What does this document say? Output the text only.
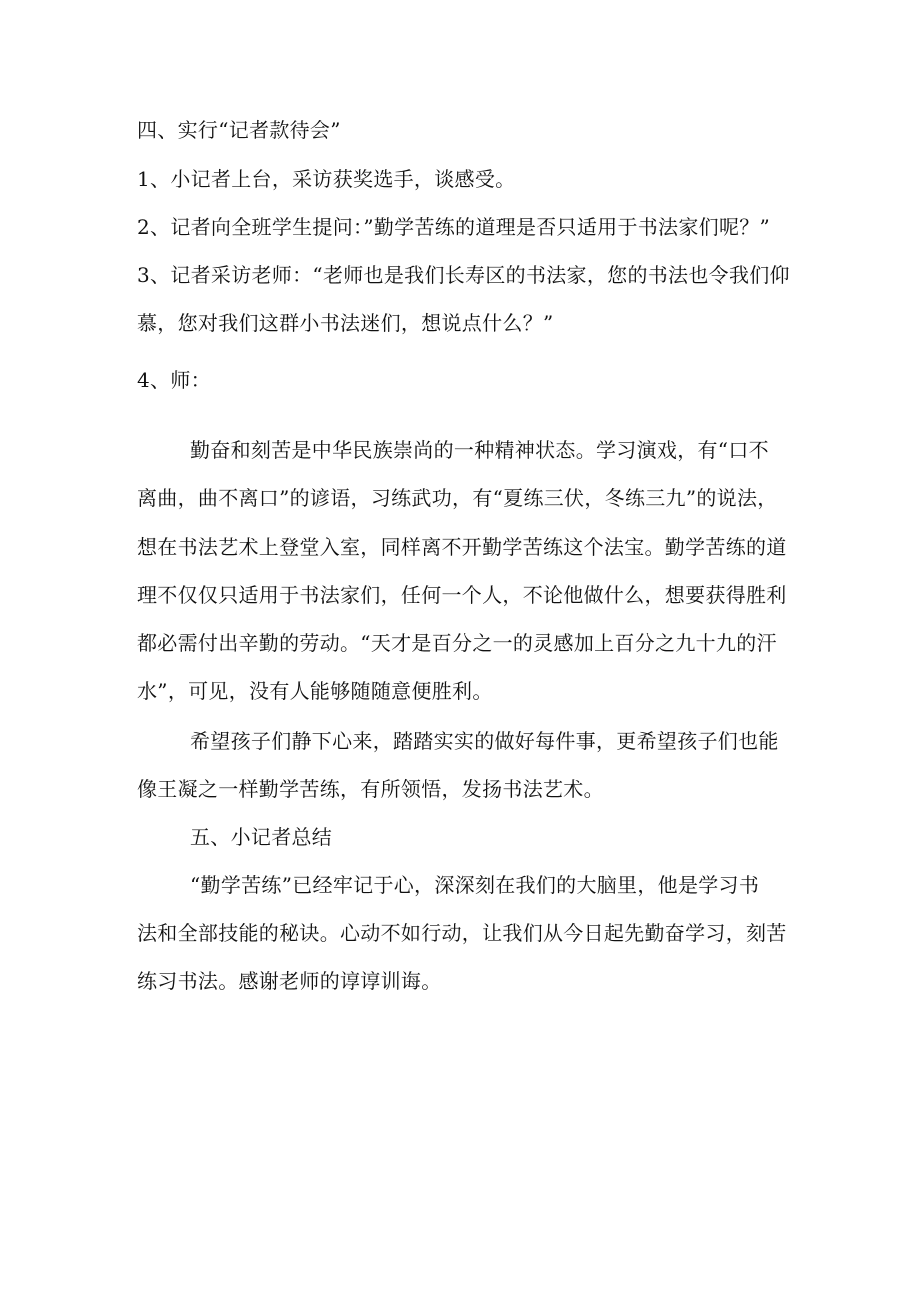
四、实行“记者款待会”
1、小记者上台，采访获奖选手，谈感受。
2、记者向全班学生提问：”勤学苦练的道理是否只适用于书法家们呢？”
3、记者采访老师：“老师也是我们长寿区的书法家，您的书法也令我们仰
慕，您对我们这群小书法迷们，想说点什么？”
4、师：
勤奋和刻苦是中华民族崇尚的一种精神状态。学习演戏，有“口不
离曲，曲不离口”的谚语，习练武功，有“夏练三伏，冬练三九”的说法，
想在书法艺术上登堂入室，同样离不开勤学苦练这个法宝。勤学苦练的道
理不仅仅只适用于书法家们，任何一个人，不论他做什么，想要获得胜利
都必需付出辛勤的劳动。“天才是百分之一的灵感加上百分之九十九的汗
水”，可见，没有人能够随随意便胜利。
希望孩子们静下心来，踏踏实实的做好每件事，更希望孩子们也能
像王凝之一样勤学苦练，有所领悟，发扬书法艺术。
五、小记者总结
“勤学苦练”已经牢记于心，深深刻在我们的大脑里，他是学习书
法和全部技能的秘诀。心动不如行动，让我们从今日起先勤奋学习，刻苦
练习书法。感谢老师的谆谆训诲。
